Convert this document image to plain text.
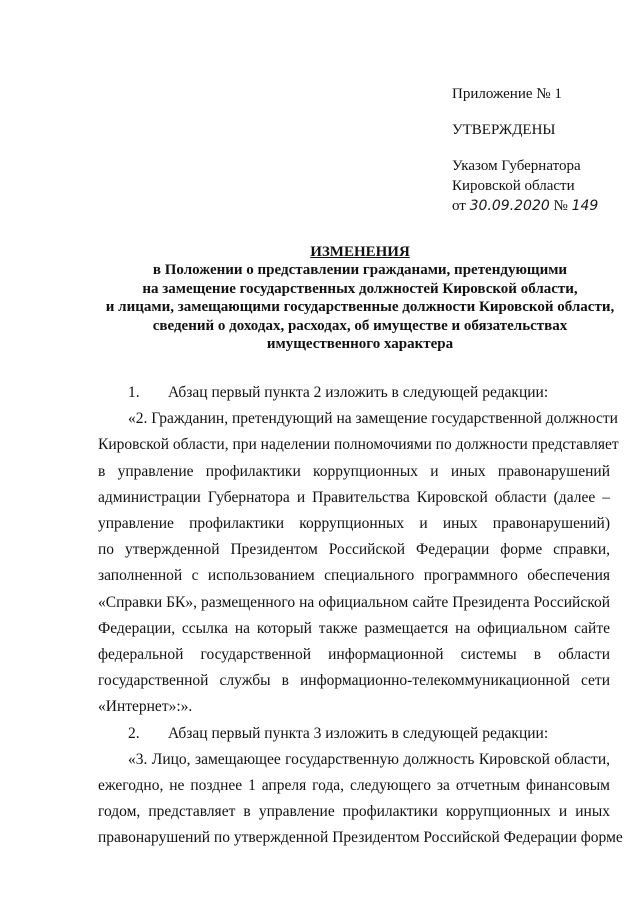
Приложение № 1
УТВЕРЖДЕНЫ
Указом Губернатора
Кировской области
от 30.09.2020 № 149
ИЗМЕНЕНИЯ
в Положении о представлении гражданами, претендующими
на замещение государственных должностей Кировской области,
и лицами, замещающими государственные должности Кировской области,
сведений о доходах, расходах, об имуществе и обязательствах
имущественного характера
1. Абзац первый пункта 2 изложить в следующей редакции:
«2. Гражданин, претендующий на замещение государственной должности
Кировской области, при наделении полномочиями по должности представляет
в управление профилактики коррупционных и иных правонарушений
администрации Губернатора и Правительства Кировской области (далее –
управление профилактики коррупционных и иных правонарушений)
по утвержденной Президентом Российской Федерации форме справки,
заполненной с использованием специального программного обеспечения
«Справки БК», размещенного на официальном сайте Президента Российской
Федерации, ссылка на который также размещается на официальном сайте
федеральной государственной информационной системы в области
государственной службы в информационно-телекоммуникационной сети
«Интернет»:».
2. Абзац первый пункта 3 изложить в следующей редакции:
«3. Лицо, замещающее государственную должность Кировской области,
ежегодно, не позднее 1 апреля года, следующего за отчетным финансовым
годом, представляет в управление профилактики коррупционных и иных
правонарушений по утвержденной Президентом Российской Федерации форме
